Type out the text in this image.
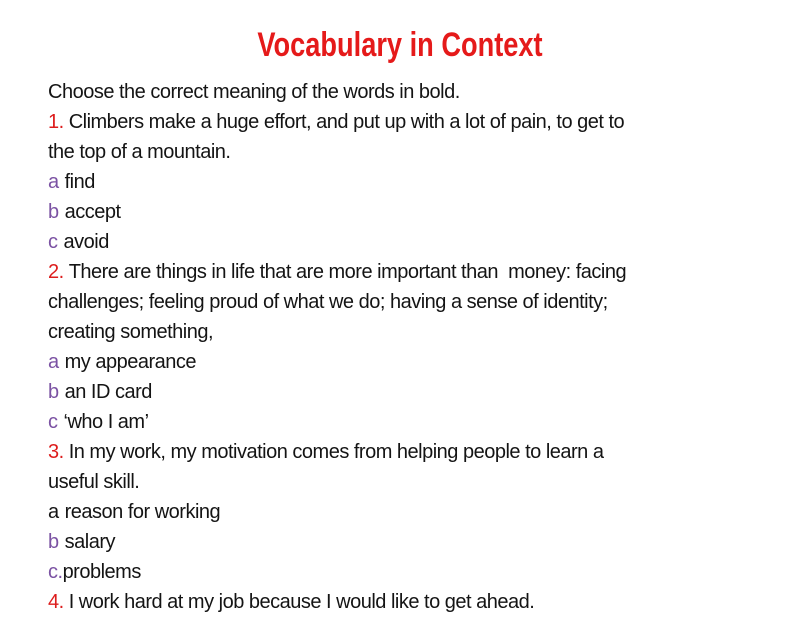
Vocabulary in Context
Choose the correct meaning of the words in bold.
1. Climbers make a huge effort, and put up with a lot of pain, to get to
the top of a mountain.
a find
b accept
c avoid
2. There are things in life that are more important than  money: facing
challenges; feeling proud of what we do; having a sense of identity;
creating something,
a my appearance
b an ID card
c ‘who I am’
3. In my work, my motivation comes from helping people to learn a
useful skill.
a reason for working
b salary
c.problems
4. I work hard at my job because I would like to get ahead.
